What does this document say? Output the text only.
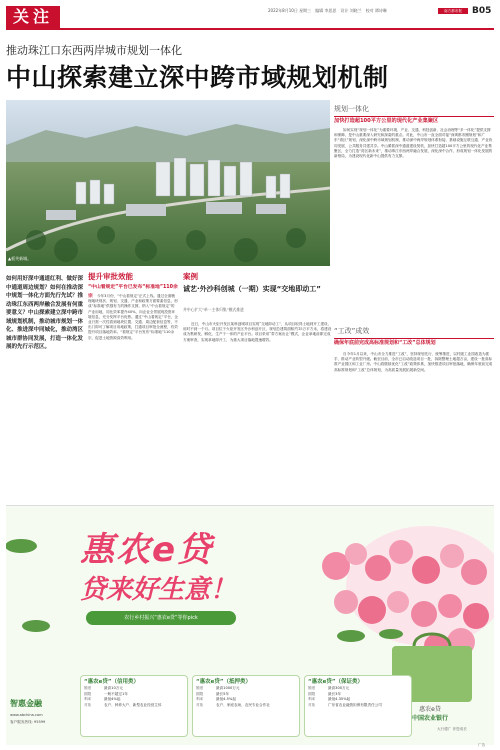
关注	2022年8月10日 星期三　编辑 李思思　设计 刘晓兰　校对 谭诗琳	南方都市报	B05
推动珠江口东西两岸城市规划一体化
中山探索建立深中跨市域规划机制
▲板芙新城。

如何用好深中通道红利、做好深中通道周边规划？如何在推动深中规划一体化方面先行先试？推动珠江东西两岸融合发展有何重要意义？中山探索建立深中跨市域规划机制，推动城市规划一体化、推进深中同城化，推动湾区城市群协同发展，打造一体化发展的先行示范区。

提升审批效能
“中山看规定”平台已发布“标准地”110余宗	今年3月份，“中山看规定”正式上线。通过全面梳理地块现状、规划、交通、产业和政策方面要素信息，形成“标准地”供强有力的操作支撑，纳入“中山看规定”的产业用地，同比效率提升40%，向企业全景展现投资环境信息，充分发挥平台优势。通过“中山看规定”平台，企业只需一次性看到地块位置、交通、周边配套信息等，不出门即可了解项目用地政策，打通项目审批全流程，有效提升项目落地效率。“看规定”平台发布“标准地”110余宗，促进土地资源高效利用。

案例
诚艺·外沙科创城（一期）实现“交地即动工”
并中心扩大“单一主体归集”模式推进

近日，中山市火炬开发区某科创城项目实现“交地即动工”，从项目取得土地到开工建设，用时不到一个月。项目位于火炬开发区外沙科创片区，规划总建筑面积约15万平方米，将建设成为集研发、孵化、生产于一体的产业平台。项目采用“带方案出让”模式，企业拿地前即完成方案审查，实现拿地即开工，为重大项目落地提速增效。

规划一体化
加快打造超100平方公里的现代化产业集聚区

如何实现“规划一体化”为重要环境、产业、交通、科技创新、社会治理等“多一体化”提供支撑和保障，是中山重要深入研究和探索的重点。对此，中山市一直全面对接“深圳都市圈规划”和广东“湾区”规划，深化深中跨市域规划机制，推动深中两岸规划体系衔接、基础设施互联互通、产业协同发展、公共服务共建共享。中山紧抓深中通道建设契机，加快打造超100平方公里的现代化产业集聚区，全力打造“湾区新未来”，推动珠江东西两岸融合发展，深化深中合作，形成规划一体化发展的新格局，为建设现代化新中山提供有力支撑。

“工改”成效
确保年底前完成高标准规划和“工改”总体规划

自今年1月以来，中山市全力推进“工改”，坚持规划先行、统筹推进，以村级工业园改造为抓手，推动产业转型升级。截至目前，全市已启动改造项目一批，拆除整理土地超万亩，建设一批高标准产业园区和工业厂房。中山将继续优化“工改”政策体系，加快推进项目审批落地，确保年底前完成高标准规划和“工改”总体规划，为高质量发展拓展新空间。

惠农e贷
贷来好生意！
农行乡村振兴“惠农e贷”等你pick
惠农e贷
“惠农e贷”（信用类）
额度	最高10万元
期限	一般不超过1年
利率	最低4%起
对象	农户、种养大户、新型农业经营主体
“惠农e贷”（抵押类）
额度	最高1000万元
期限	最长5年
利率	最低4.5%起
对象	农户、家庭农场、农民专业合作社
“惠农e贷”（保证类）
额度	最高300万元
期限	最长3年
利率	最低4.35%起
对象	广东省农业融资担保有限责任公司
智惠金融
www.abchina.com
客户服务热线: 95599	中国农业银行
大行德广 伴您成长
广告
